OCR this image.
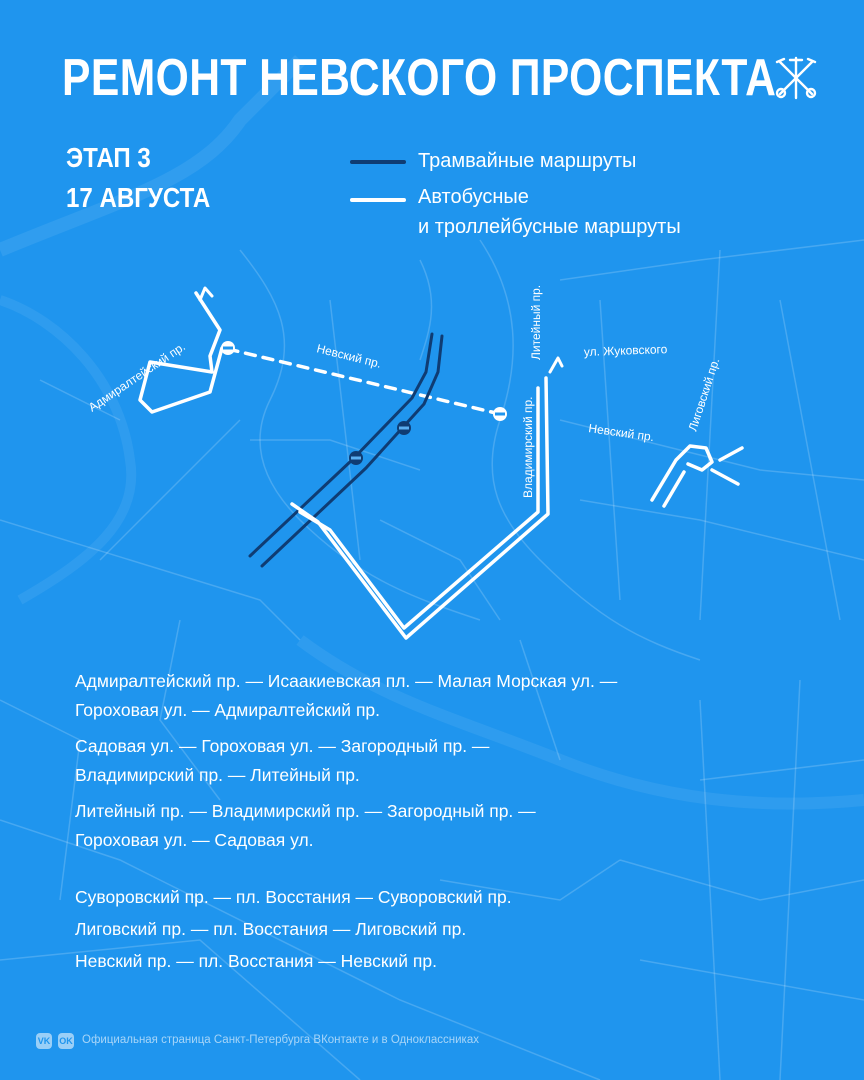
Адмиралтейский пр.	Невский пр.	Литейный пр.	ул. Жуковского
Лиговский пр.
Невский пр.
Владимирский пр.
РЕМОНТ НЕВСКОГО ПРОСПЕКТА
ЭТАП 3
17 АВГУСТА
Трамвайные маршруты
Автобусные
и троллейбусные маршруты

Адмиралтейский пр. — Исаакиевская пл. — Малая Морская ул. —
Гороховая ул. — Адмиралтейский пр.

Садовая ул. — Гороховая ул. — Загородный пр. —
Владимирский пр. — Литейный пр.

Литейный пр. — Владимирский пр. — Загородный пр. —
Гороховая ул. — Садовая ул.

Суворовский пр. — пл. Восстания — Суворовский пр.

Лиговский пр. — пл. Восстания — Лиговский пр.

Невский пр. — пл. Восстания — Невский пр.

VK OK Официальная страница Санкт-Петербурга ВКонтакте и в Одноклассниках
